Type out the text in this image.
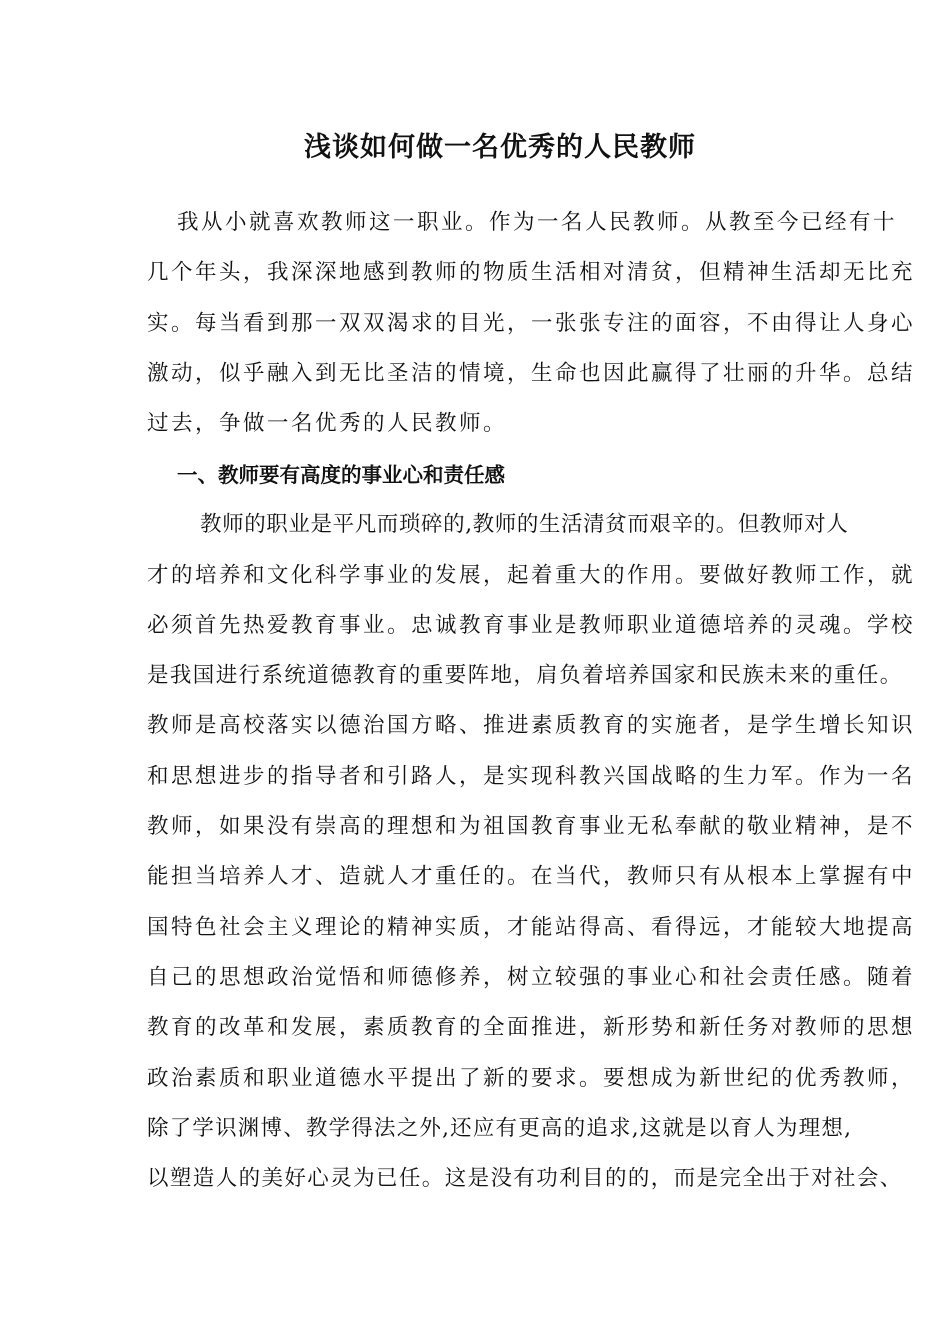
浅谈如何做一名优秀的人民教师
我从小就喜欢教师这一职业。作为一名人民教师。从教至今已经有十
几个年头，我深深地感到教师的物质生活相对清贫，但精神生活却无比充
实。每当看到那一双双渴求的目光，一张张专注的面容，不由得让人身心
激动，似乎融入到无比圣洁的情境，生命也因此赢得了壮丽的升华。总结
过去，争做一名优秀的人民教师。
一、教师要有高度的事业心和责任感
教师的职业是平凡而琐碎的,教师的生活清贫而艰辛的。但教师对人
才的培养和文化科学事业的发展，起着重大的作用。要做好教师工作，就
必须首先热爱教育事业。忠诚教育事业是教师职业道德培养的灵魂。学校
是我国进行系统道德教育的重要阵地，肩负着培养国家和民族未来的重任。
教师是高校落实以德治国方略、推进素质教育的实施者，是学生增长知识
和思想进步的指导者和引路人，是实现科教兴国战略的生力军。作为一名
教师，如果没有崇高的理想和为祖国教育事业无私奉献的敬业精神，是不
能担当培养人才、造就人才重任的。在当代，教师只有从根本上掌握有中
国特色社会主义理论的精神实质，才能站得高、看得远，才能较大地提高
自己的思想政治觉悟和师德修养，树立较强的事业心和社会责任感。随着
教育的改革和发展，素质教育的全面推进，新形势和新任务对教师的思想
政治素质和职业道德水平提出了新的要求。要想成为新世纪的优秀教师，
除了学识渊博、教学得法之外,还应有更高的追求,这就是以育人为理想,
以塑造人的美好心灵为已任。这是没有功利目的的，而是完全出于对社会、
